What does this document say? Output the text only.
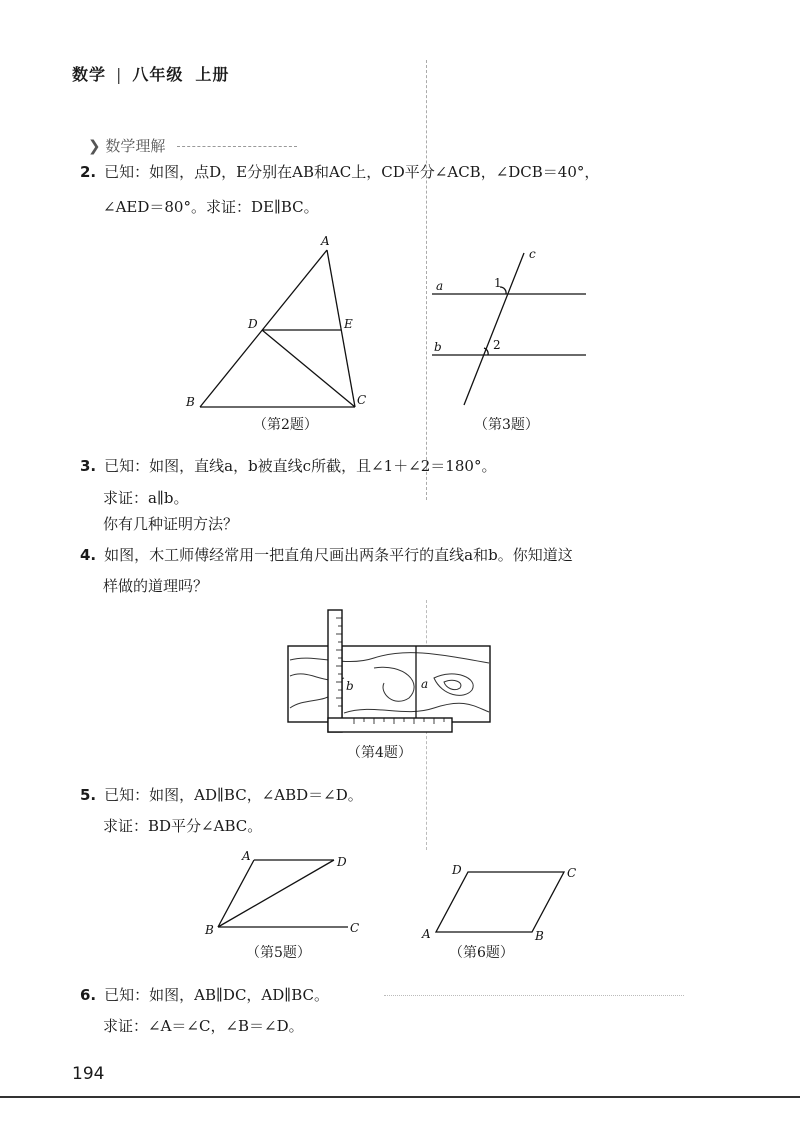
数学 | 八年级 上册
❯ 数学理解
2. 已知：如图，点D，E分别在AB和AC上，CD平分∠ACB，∠DCB＝40°，
∠AED＝80°。求证：DE∥BC。
A
B	C
D	E
（第2题）
a
b
c
1
2
（第3题）
3. 已知：如图，直线a，b被直线c所截，且∠1＋∠2＝180°。
求证：a∥b。
你有几种证明方法？
4. 如图，木工师傅经常用一把直角尺画出两条平行的直线a和b。你知道这
样做的道理吗？
b	a
（第4题）
5. 已知：如图，AD∥BC，∠ABD＝∠D。
求证：BD平分∠ABC。
A	D
B	C
（第5题）
D	C
A	B
（第6题）
6. 已知：如图，AB∥DC，AD∥BC。
求证：∠A＝∠C，∠B＝∠D。
194
